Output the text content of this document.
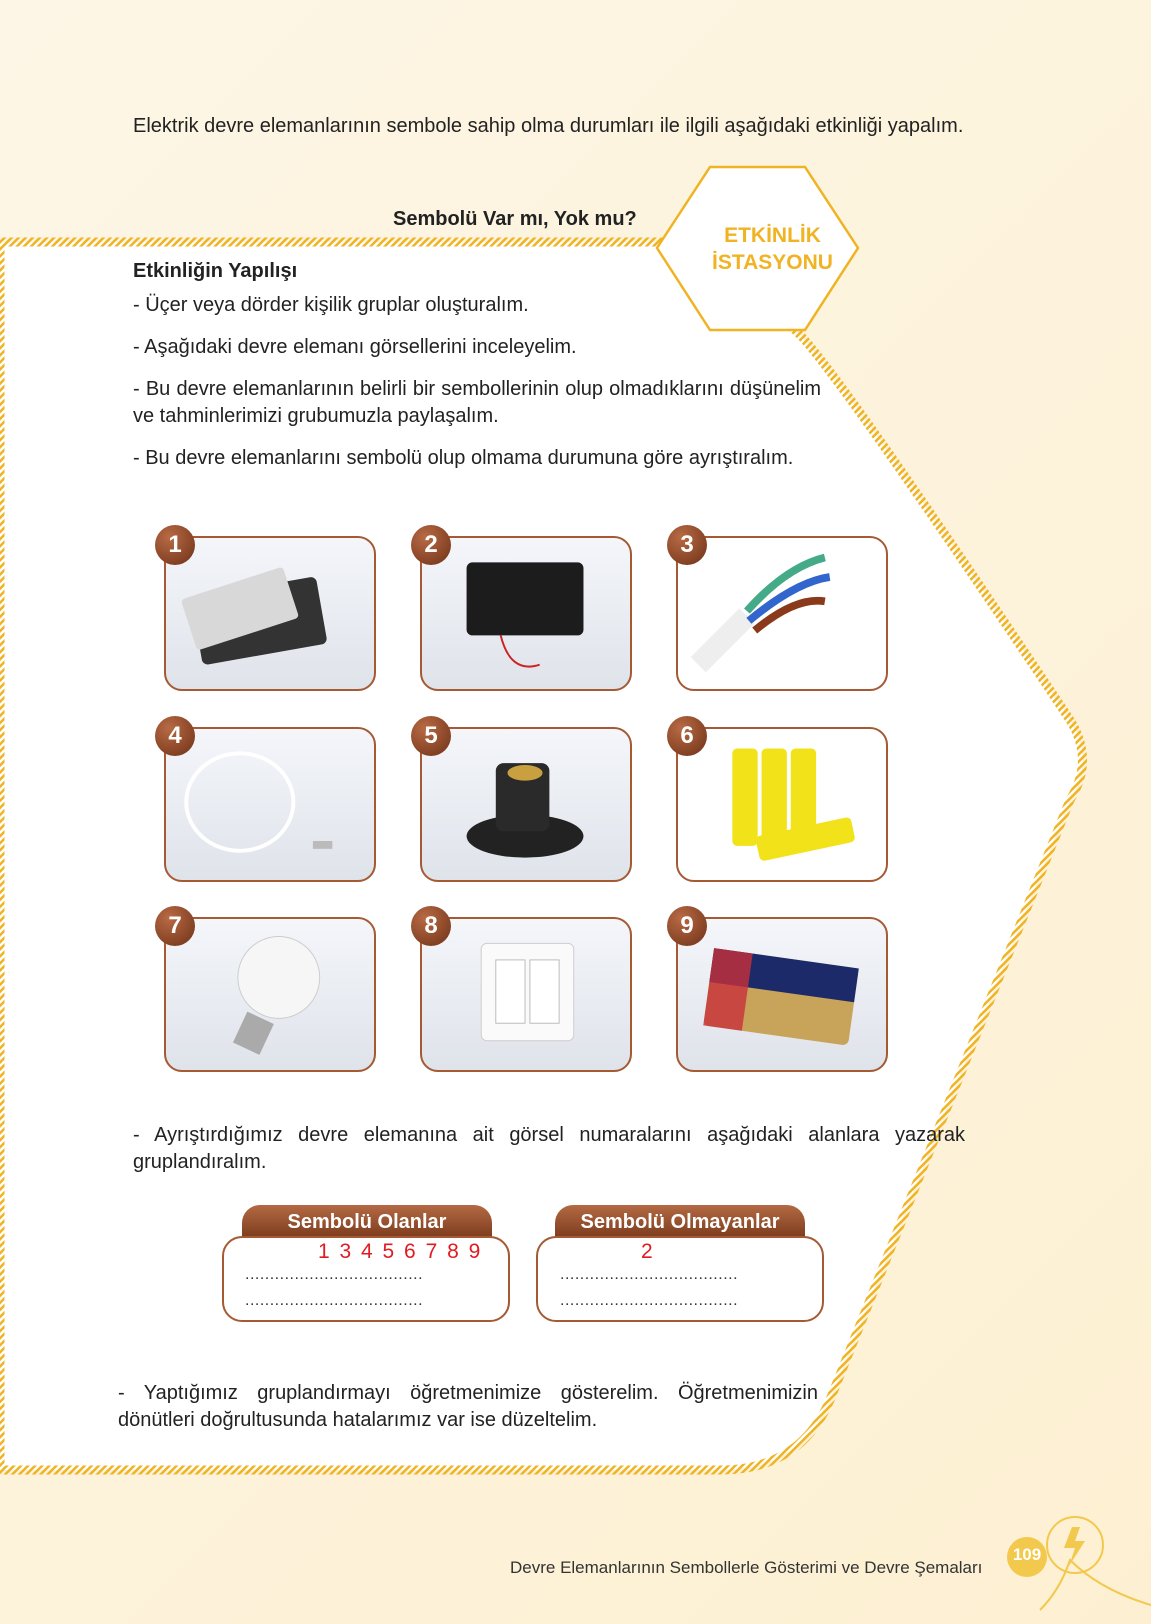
Elektrik devre elemanlarının sembole sahip olma durumları ile ilgili aşağıdaki etkinliği yapalım.
Sembolü Var mı, Yok mu?
ETKİNLİK
İSTASYONU
Etkinliğin Yapılışı
- Üçer veya dörder kişilik gruplar oluşturalım.
- Aşağıdaki devre elemanı görsellerini inceleyelim.
- Bu devre elemanlarının belirli bir sembollerinin olup olmadıklarını düşünelim ve tahminlerimizi grubumuzla paylaşalım.
- Bu devre elemanlarını sembolü olup olmama durumuna göre ayrıştıralım.
1	2	3
4	5	6
7	8	9
- Ayrıştırdığımız devre elemanına ait görsel numaralarını aşağıdaki alanlara yazarak gruplandıralım.
Sembolü Olanlar
1 3 4 5 6 7 8 9
....................................
....................................
Sembolü Olmayanlar
2
....................................
....................................
- Yaptığımız gruplandırmayı öğretmenimize gösterelim. Öğretmenimizin dönütleri doğrultusunda hatalarımız var ise düzeltelim.
Devre Elemanlarının Sembollerle Gösterimi ve Devre Şemaları
109
